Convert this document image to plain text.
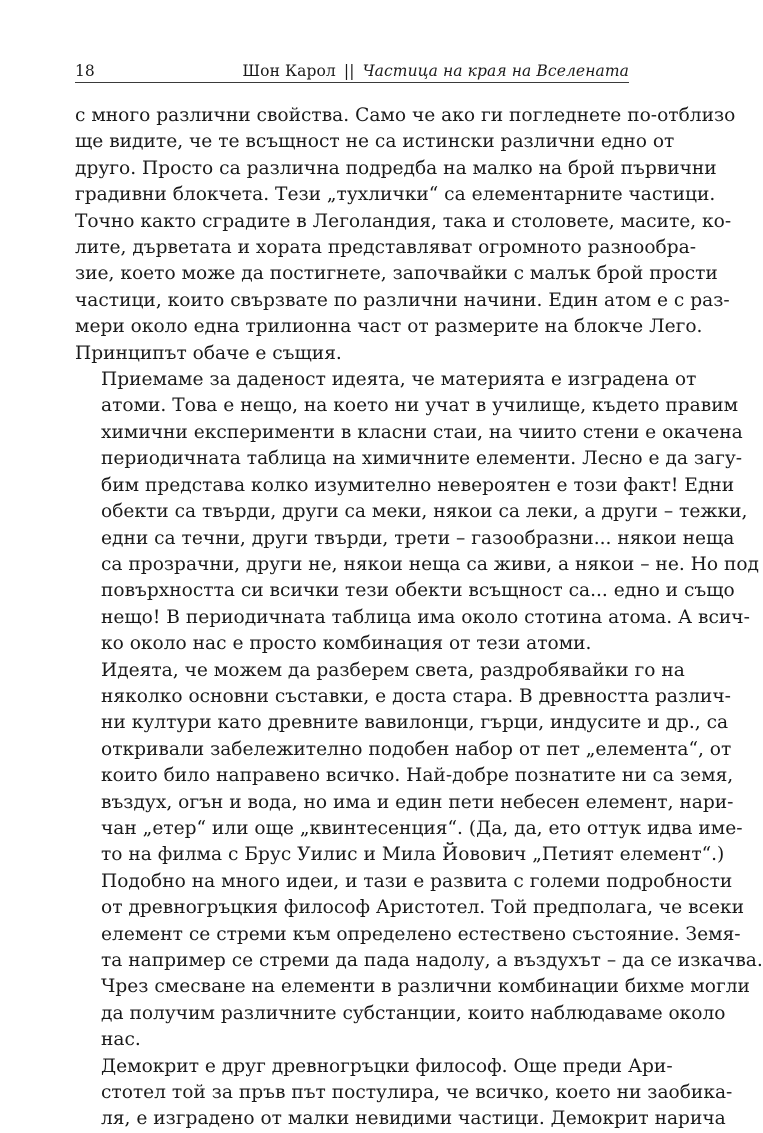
18	Шон Карол || Частица на края на Вселената

с много различни свойства. Само че ако ги погледнете по-отблизо
ще видите, че те всъщност не са истински различни едно от
друго. Просто са различна подредба на малко на брой първични
градивни блокчета. Тези „тухлички“ са елементарните частици.
Точно както сградите в Леголандия, така и столовете, масите, ко-
лите, дърветата и хората представляват огромното разнообра-
зие, което може да постигнете, започвайки с малък брой прости
частици, които свързвате по различни начини. Един атом е с раз-
мери около една трилионна част от размерите на блокче Лего.
Принципът обаче е същия.

Приемаме за даденост идеята, че материята е изградена от
атоми. Това е нещо, на което ни учат в училище, където правим
химични експерименти в класни стаи, на чиито стени е окачена
периодичната таблица на химичните елементи. Лесно е да загу-
бим представа колко изумително невероятен е този факт! Едни
обекти са твърди, други са меки, някои са леки, а други – тежки,
едни са течни, други твърди, трети – газообразни... някои неща
са прозрачни, други не, някои неща са живи, а някои – не. Но под
повърхността си всички тези обекти всъщност са... едно и също
нещо! В периодичната таблица има около стотина атома. А всич-
ко около нас е просто комбинация от тези атоми.

Идеята, че можем да разберем света, раздробявайки го на
няколко основни съставки, е доста стара. В древността различ-
ни култури като древните вавилонци, гърци, индусите и др., са
откривали забележително подобен набор от пет „елемента“, от
които било направено всичко. Най-добре познатите ни са земя,
въздух, огън и вода, но има и един пети небесен елемент, нари-
чан „етер“ или още „квинтесенция“. (Да, да, ето оттук идва име-
то на филма с Брус Уилис и Мила Йовович „Петият елемент“.)
Подобно на много идеи, и тази е развита с големи подробности
от древногръцкия философ Аристотел. Той предполага, че всеки
елемент се стреми към определено естествено състояние. Земя-
та например се стреми да пада надолу, а въздухът – да се изкачва.
Чрез смесване на елементи в различни комбинации бихме могли
да получим различните субстанции, които наблюдаваме около
нас.

Демокрит е друг древногръцки философ. Още преди Ари-
стотел той за пръв път постулира, че всичко, което ни заобика-
ля, е изградено от малки невидими частици. Демокрит нарича
